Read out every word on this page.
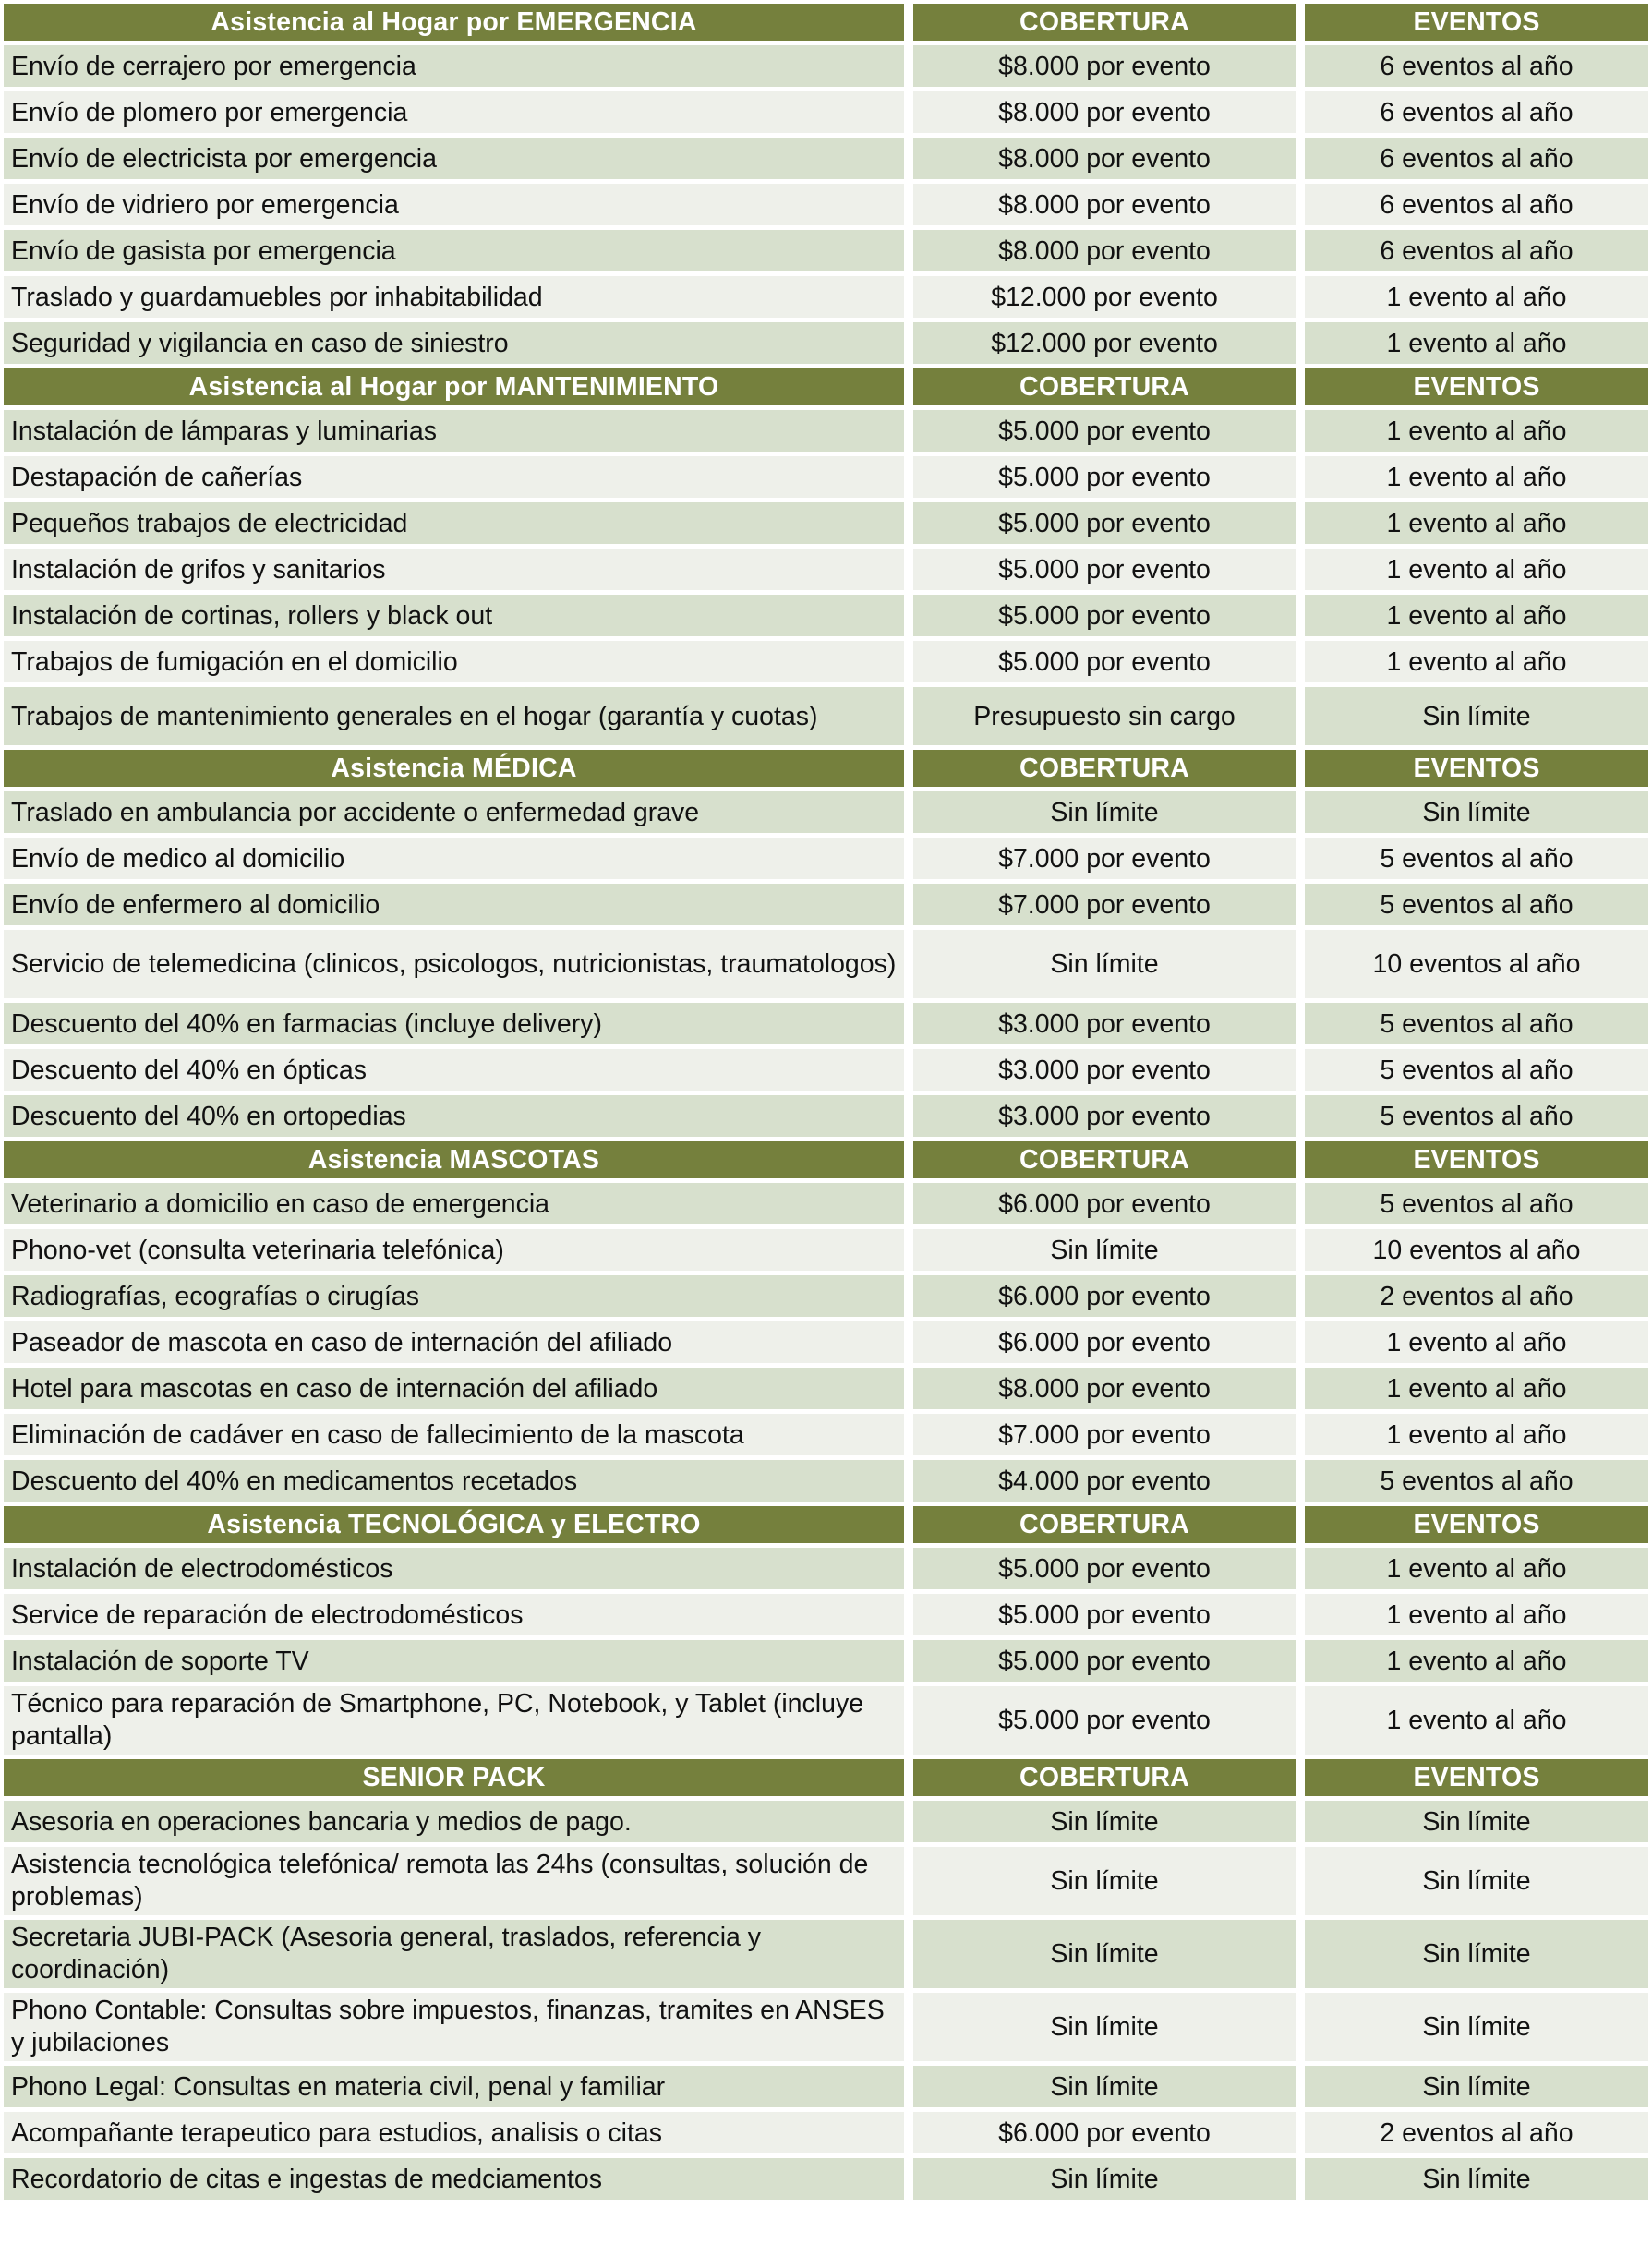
Asistencia al Hogar por EMERGENCIA	COBERTURA	EVENTOS
Envío de cerrajero por emergencia	$8.000 por evento	6 eventos al año
Envío de plomero por emergencia	$8.000 por evento	6 eventos al año
Envío de electricista por emergencia	$8.000 por evento	6 eventos al año
Envío de vidriero por emergencia	$8.000 por evento	6 eventos al año
Envío de gasista por emergencia	$8.000 por evento	6 eventos al año
Traslado y guardamuebles por inhabitabilidad	$12.000 por evento	1 evento al año
Seguridad y vigilancia en caso de siniestro	$12.000 por evento	1 evento al año
Asistencia al Hogar por MANTENIMIENTO	COBERTURA	EVENTOS
Instalación de lámparas y luminarias	$5.000 por evento	1 evento al año
Destapación de cañerías	$5.000 por evento	1 evento al año
Pequeños trabajos de electricidad	$5.000 por evento	1 evento al año
Instalación de grifos y sanitarios	$5.000 por evento	1 evento al año
Instalación de cortinas, rollers y black out	$5.000 por evento	1 evento al año
Trabajos de fumigación en el domicilio	$5.000 por evento	1 evento al año
Trabajos de mantenimiento generales en el hogar (garantía y cuotas)	Presupuesto sin cargo	Sin límite
Asistencia MÉDICA	COBERTURA	EVENTOS
Traslado en ambulancia por accidente o enfermedad grave	Sin límite	Sin límite
Envío de medico al domicilio	$7.000 por evento	5 eventos al año
Envío de enfermero al domicilio	$7.000 por evento	5 eventos al año
Servicio de telemedicina (clinicos, psicologos, nutricionistas, traumatologos)	Sin límite	10 eventos al año
Descuento del 40% en farmacias (incluye delivery)	$3.000 por evento	5 eventos al año
Descuento del 40% en ópticas	$3.000 por evento	5 eventos al año
Descuento del 40% en ortopedias	$3.000 por evento	5 eventos al año
Asistencia MASCOTAS	COBERTURA	EVENTOS
Veterinario a domicilio en caso de emergencia	$6.000 por evento	5 eventos al año
Phono-vet (consulta veterinaria telefónica)	Sin límite	10 eventos al año
Radiografías, ecografías o cirugías	$6.000 por evento	2 eventos al año
Paseador de mascota en caso de internación del afiliado	$6.000 por evento	1 evento al año
Hotel para mascotas en caso de internación del afiliado	$8.000 por evento	1 evento al año
Eliminación de cadáver en caso de fallecimiento de la mascota	$7.000 por evento	1 evento al año
Descuento del 40% en medicamentos recetados	$4.000 por evento	5 eventos al año
Asistencia TECNOLÓGICA y ELECTRO	COBERTURA	EVENTOS
Instalación de electrodomésticos	$5.000 por evento	1 evento al año
Service de reparación de electrodomésticos	$5.000 por evento	1 evento al año
Instalación de soporte TV	$5.000 por evento	1 evento al año
Técnico para reparación de Smartphone, PC, Notebook, y Tablet (incluye pantalla)	$5.000 por evento	1 evento al año
SENIOR PACK	COBERTURA	EVENTOS
Asesoria en operaciones bancaria y medios de pago.	Sin límite	Sin límite
Asistencia tecnológica telefónica/ remota las 24hs (consultas, solución de problemas)	Sin límite	Sin límite
Secretaria JUBI-PACK (Asesoria general, traslados, referencia y coordinación)	Sin límite	Sin límite
Phono Contable: Consultas sobre impuestos, finanzas, tramites en ANSES y jubilaciones	Sin límite	Sin límite
Phono Legal: Consultas en materia civil, penal y familiar	Sin límite	Sin límite
Acompañante terapeutico para estudios, analisis o citas	$6.000 por evento	2 eventos al año
Recordatorio de citas e ingestas de medciamentos	Sin límite	Sin límite
